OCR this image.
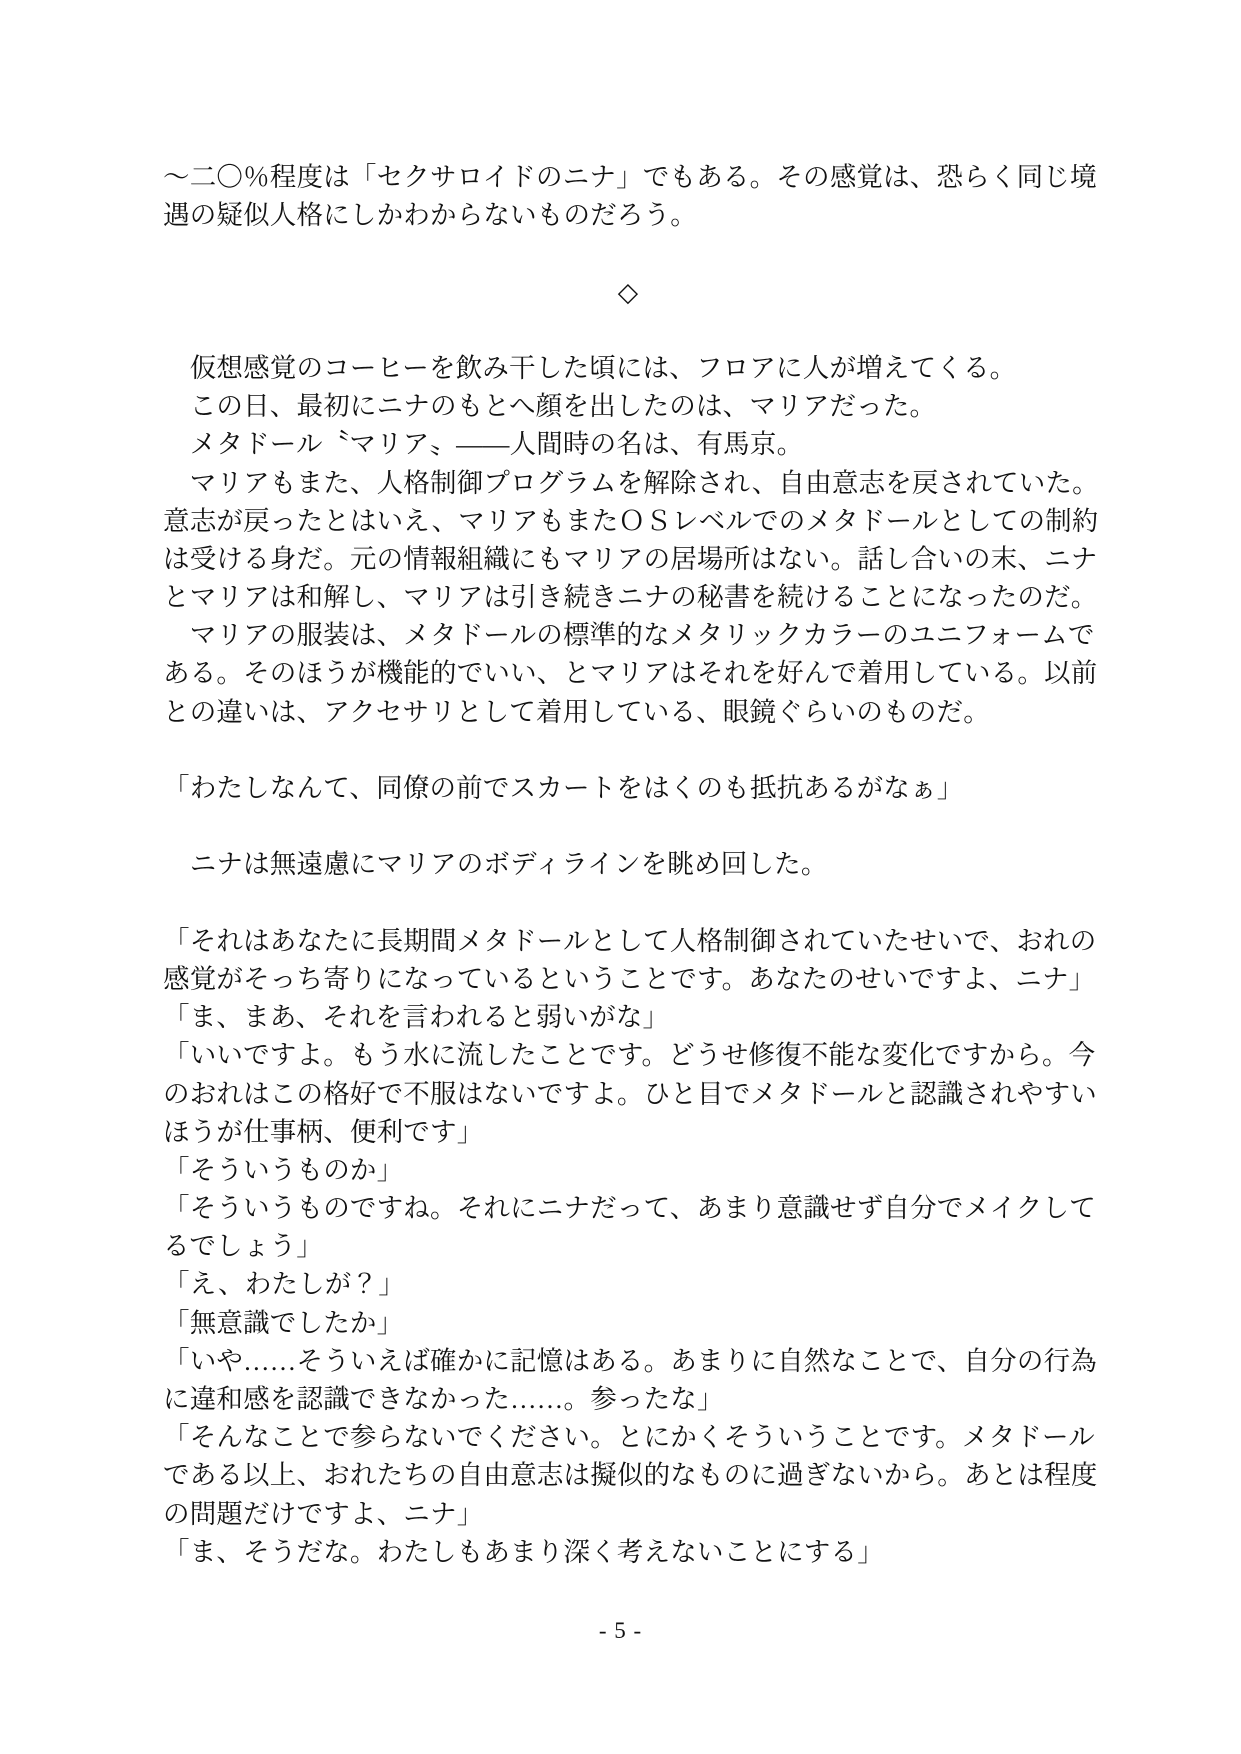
～二〇％程度は「セクサロイドのニナ」でもある。その感覚は、恐らく同じ境
遇の疑似人格にしかわからないものだろう。
◇
　仮想感覚のコーヒーを飲み干した頃には、フロアに人が増えてくる。
　この日、最初にニナのもとへ顔を出したのは、マリアだった。
　メタドール〝マリア〟――人間時の名は、有馬京。
　マリアもまた、人格制御プログラムを解除され、自由意志を戻されていた。
意志が戻ったとはいえ、マリアもまたＯＳレベルでのメタドールとしての制約
は受ける身だ。元の情報組織にもマリアの居場所はない。話し合いの末、ニナ
とマリアは和解し、マリアは引き続きニナの秘書を続けることになったのだ。
　マリアの服装は、メタドールの標準的なメタリックカラーのユニフォームで
ある。そのほうが機能的でいい、とマリアはそれを好んで着用している。以前
との違いは、アクセサリとして着用している、眼鏡ぐらいのものだ。
「わたしなんて、同僚の前でスカートをはくのも抵抗あるがなぁ」
　ニナは無遠慮にマリアのボディラインを眺め回した。
「それはあなたに長期間メタドールとして人格制御されていたせいで、おれの
感覚がそっち寄りになっているということです。あなたのせいですよ、ニナ」
「ま、まあ、それを言われると弱いがな」
「いいですよ。もう水に流したことです。どうせ修復不能な変化ですから。今
のおれはこの格好で不服はないですよ。ひと目でメタドールと認識されやすい
ほうが仕事柄、便利です」
「そういうものか」
「そういうものですね。それにニナだって、あまり意識せず自分でメイクして
るでしょう」
「え、わたしが？」
「無意識でしたか」
「いや……そういえば確かに記憶はある。あまりに自然なことで、自分の行為
に違和感を認識できなかった……。参ったな」
「そんなことで参らないでください。とにかくそういうことです。メタドール
である以上、おれたちの自由意志は擬似的なものに過ぎないから。あとは程度
の問題だけですよ、ニナ」
「ま、そうだな。わたしもあまり深く考えないことにする」
- 5 -
